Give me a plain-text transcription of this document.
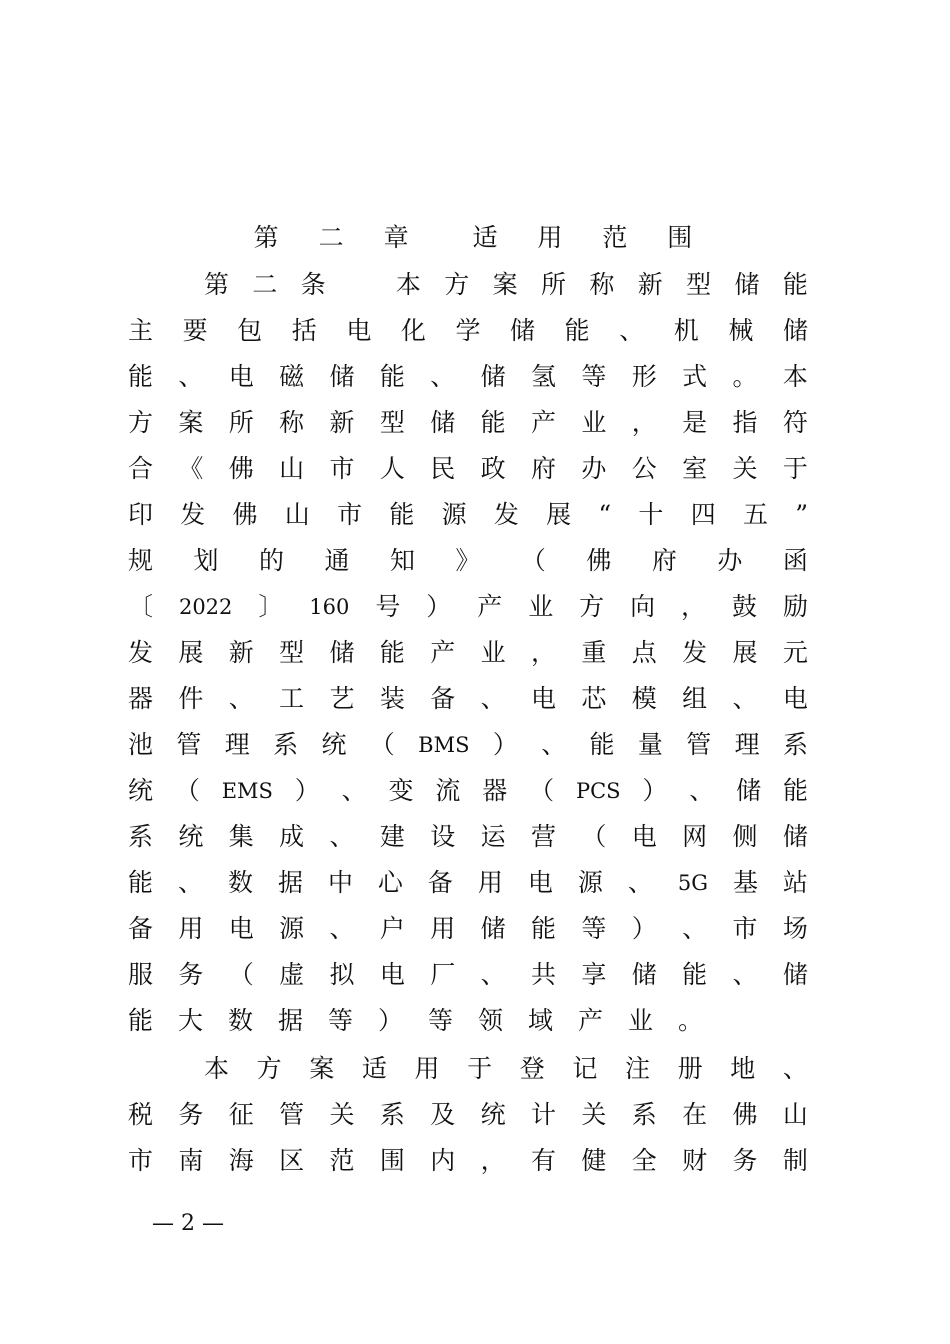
第 二 章  适 用 范 围
第 二 条	本 方 案 所 称 新 型 储 能
主 要 包 括 电 化 学 储 能 、 机 械 储
能 、 电 磁 储 能 、 储 氢 等 形 式 。 本
方 案 所 称 新 型 储 能 产 业 ， 是 指 符
合 《 佛 山 市 人 民 政 府 办 公 室 关 于
印 发 佛 山 市 能 源 发 展 “ 十 四 五 ”
规 划 的 通 知 》 （ 佛 府 办 函
〔 2022 〕 160 号 ） 产 业 方 向 ， 鼓 励
发 展 新 型 储 能 产 业 ， 重 点 发 展 元
器 件 、 工 艺 装 备 、 电 芯 模 组 、 电
池 管 理 系 统 （ BMS ） 、 能 量 管 理 系
统 （ EMS ） 、 变 流 器 （ PCS ） 、 储 能
系 统 集 成 、 建 设 运 营 （ 电 网 侧 储
能 、 数 据 中 心 备 用 电 源 、 5G 基 站
备 用 电 源 、 户 用 储 能 等 ） 、 市 场
服 务 （ 虚 拟 电 厂 、 共 享 储 能 、 储
能大数据等）等领域产业。
本 方 案 适 用 于 登 记 注 册 地 、
税 务 征 管 关 系 及 统 计 关 系 在 佛 山
市 南 海 区 范 围 内 ， 有 健 全 财 务 制
— 2 —
